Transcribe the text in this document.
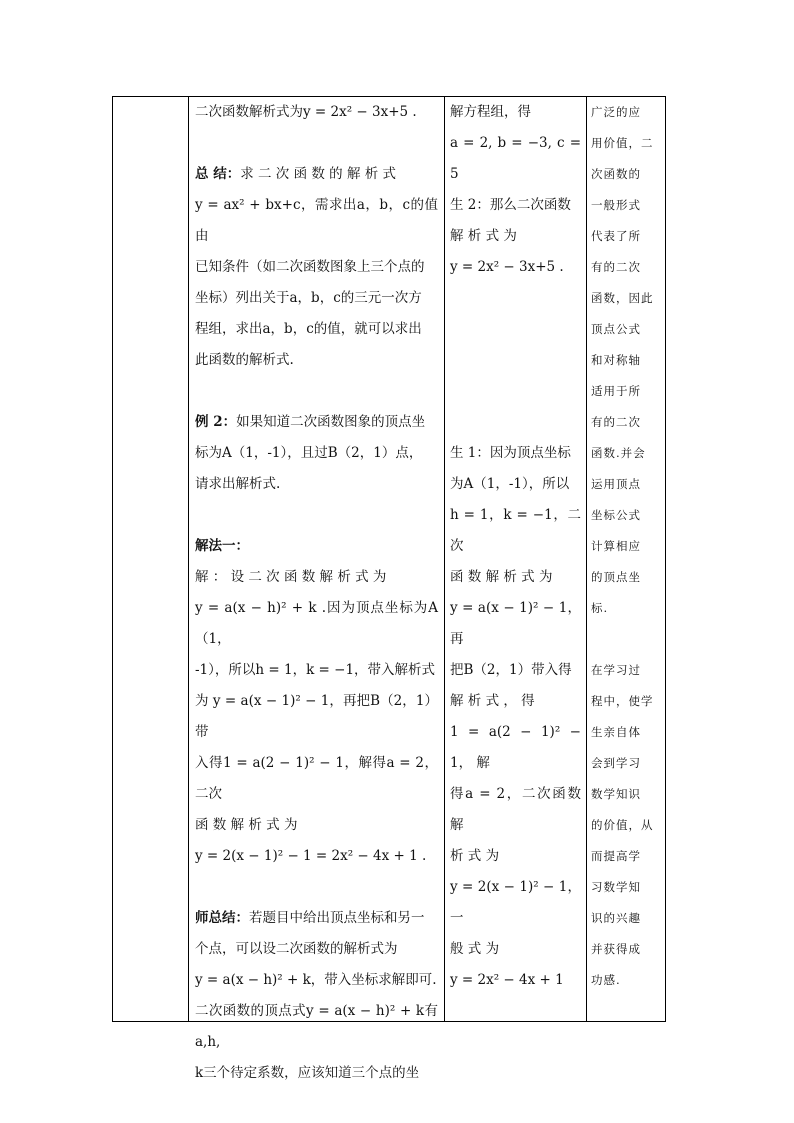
二次函数解析式为y = 2x² − 3x+5 .

总 结：求 二 次 函 数 的 解 析 式

y = ax² + bx+c，需求出a，b，c的值由

已知条件（如二次函数图象上三个点的

坐标）列出关于a，b，c的三元一次方

程组，求出a，b，c的值，就可以求出

此函数的解析式.

例 2：如果知道二次函数图象的顶点坐

标为A（1，-1），且过B（2，1）点，

请求出解析式.

解法一：

解 ： 设 二 次 函 数 解 析 式 为

y = a(x − h)² + k .因为顶点坐标为A（1，

-1），所以h = 1，k = −1，带入解析式

为 y = a(x − 1)² − 1，再把B（2，1）带

入得1 = a(2 − 1)² − 1，解得a = 2，二次

函 数 解 析 式 为

y = 2(x − 1)² − 1 = 2x² − 4x + 1 .

师总结：若题目中给出顶点坐标和另一

个点，可以设二次函数的解析式为

y = a(x − h)² + k，带入坐标求解即可.

二次函数的顶点式y = a(x − h)² + k有a,h,

k三个待定系数，应该知道三个点的坐

解方程组，得

a = 2, b = −3, c = 5

生 2：那么二次函数

解 析 式 为

y = 2x² − 3x+5 .

生 1：因为顶点坐标

为A（1，-1），所以

h = 1，k = −1，二次

函 数 解 析 式 为

y = a(x − 1)² − 1，再

把B（2，1）带入得

解 析 式 ， 得

1 = a(2 − 1)² − 1， 解

得a = 2，二次函数解

析 式 为

y = 2(x − 1)² − 1， 一

般 式 为

y = 2x² − 4x + 1

广泛的应

用价值，二

次函数的

一般形式

代表了所

有的二次

函数，因此

顶点公式

和对称轴

适用于所

有的二次

函数.并会

运用顶点

坐标公式

计算相应

的顶点坐

标.

在学习过

程中，使学

生亲自体

会到学习

数学知识

的价值，从

而提高学

习数学知

识的兴趣

并获得成

功感.
